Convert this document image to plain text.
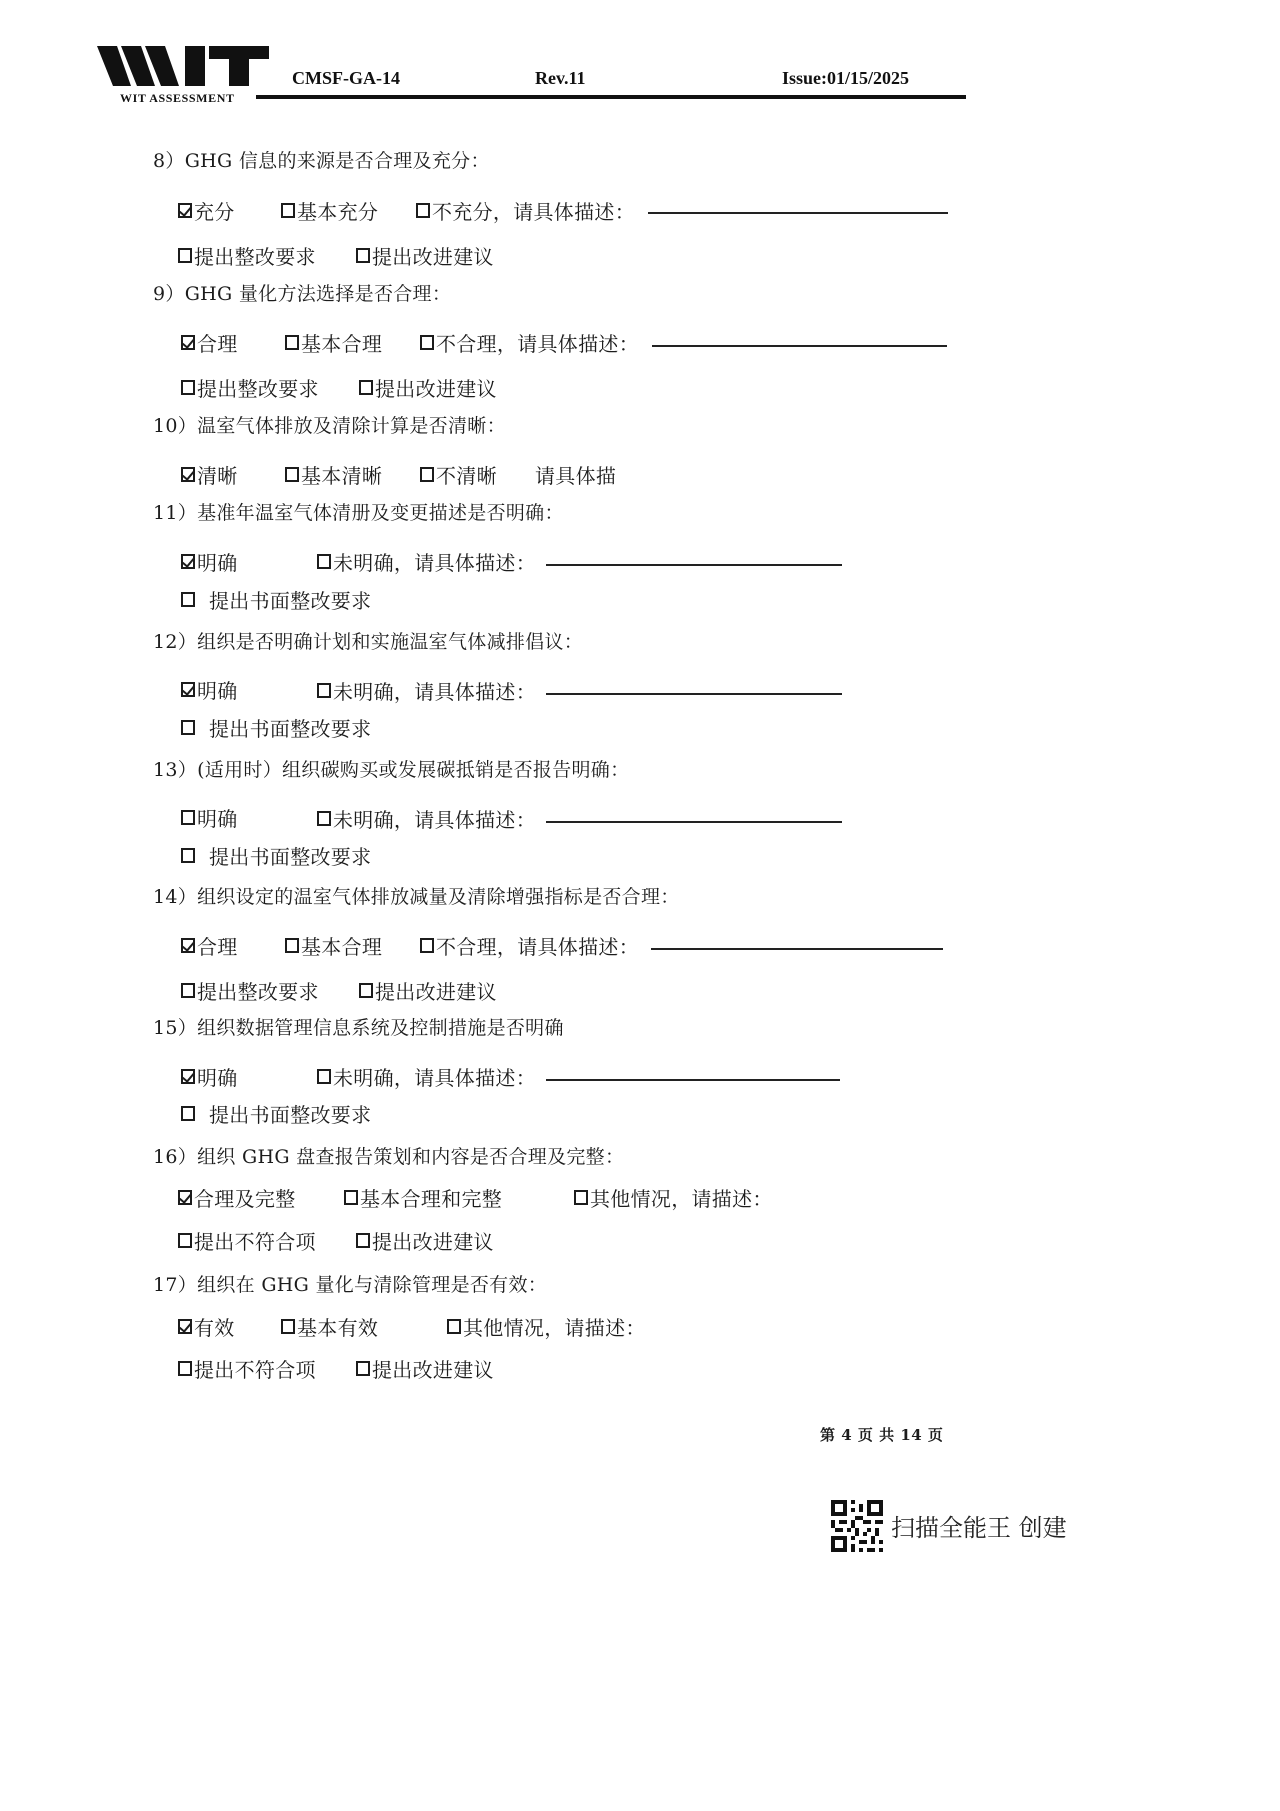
WIT ASSESSMENT
CMSF-GA-14	Rev.11	Issue:01/15/2025
8）GHG 信息的来源是否合理及充分：
充分	基本充分	不充分，请具体描述：
提出整改要求	提出改进建议
9）GHG 量化方法选择是否合理：
合理	基本合理	不合理，请具体描述：
提出整改要求	提出改进建议
10）温室气体排放及清除计算是否清晰：
清晰	基本清晰	不清晰 请具体描
11）基准年温室气体清册及变更描述是否明确：
明确	未明确，请具体描述：
提出书面整改要求
12）组织是否明确计划和实施温室气体减排倡议：
明确	未明确，请具体描述：
提出书面整改要求
13）(适用时）组织碳购买或发展碳抵销是否报告明确：
明确	未明确，请具体描述：
提出书面整改要求
14）组织设定的温室气体排放减量及清除增强指标是否合理：
合理	基本合理	不合理，请具体描述：
提出整改要求	提出改进建议
15）组织数据管理信息系统及控制措施是否明确
明确	未明确，请具体描述：
提出书面整改要求
16）组织 GHG 盘查报告策划和内容是否合理及完整：
合理及完整	基本合理和完整	其他情况，请描述：
提出不符合项	提出改进建议
17）组织在 GHG 量化与清除管理是否有效：
有效	基本有效	其他情况，请描述：
提出不符合项	提出改进建议
第 4 页 共 14 页
扫描全能王 创建
